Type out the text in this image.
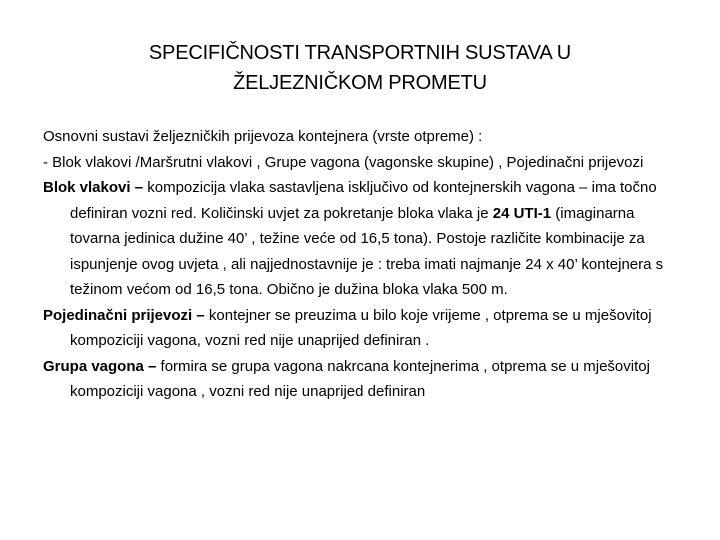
SPECIFIČNOSTI TRANSPORTNIH SUSTAVA U
ŽELJEZNIČKOM PROMETU

Osnovni sustavi željezničkih prijevoza kontejnera (vrste otpreme) :

- Blok vlakovi /Maršrutni vlakovi , Grupe vagona (vagonske skupine) , Pojedinačni prijevozi

Blok vlakovi – kompozicija vlaka sastavljena isključivo od kontejnerskih vagona – ima točno definiran vozni red. Količinski uvjet za pokretanje bloka vlaka je 24 UTI-1 (imaginarna tovarna jedinica dužine 40’ , težine veće od 16,5 tona). Postoje različite kombinacije za ispunjenje ovog uvjeta , ali najjednostavnije je : treba imati najmanje 24 x 40’ kontejnera s težinom većom od 16,5 tona. Obično je dužina bloka vlaka 500 m.

Pojedinačni prijevozi – kontejner se preuzima u bilo koje vrijeme , otprema se u mješovitoj kompoziciji vagona, vozni red nije unaprijed definiran .

Grupa vagona – formira se grupa vagona nakrcana kontejnerima , otprema se u mješovitoj kompoziciji vagona , vozni red nije unaprijed definiran
